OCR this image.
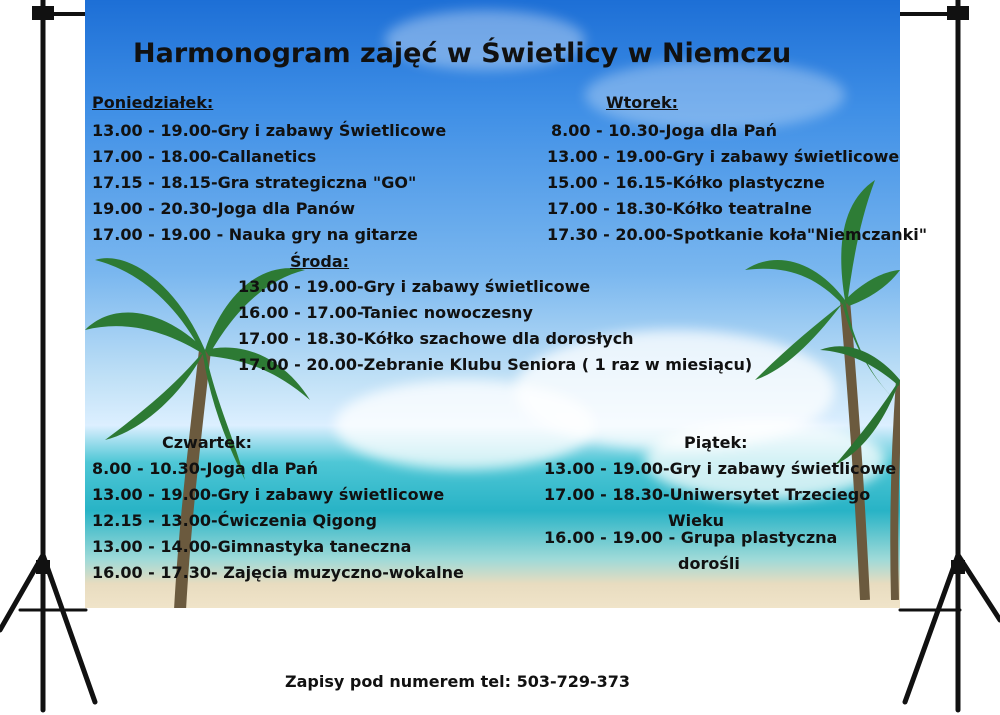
Harmonogram zajęć w Świetlicy w Niemczu
Poniedziałek:
13.00 - 19.00-Gry i zabawy Świetlicowe
17.00 - 18.00-Callanetics
17.15 - 18.15-Gra strategiczna "GO"
19.00 - 20.30-Joga dla Panów
17.00 - 19.00 - Nauka gry na gitarze
Wtorek:
8.00 - 10.30-Joga dla Pań
13.00 - 19.00-Gry i zabawy świetlicowe
15.00 - 16.15-Kółko plastyczne
17.00 - 18.30-Kółko teatralne
17.30 - 20.00-Spotkanie koła"Niemczanki"
Środa:
13.00 - 19.00-Gry i zabawy świetlicowe
16.00 - 17.00-Taniec nowoczesny
17.00 - 18.30-Kółko szachowe dla dorosłych
17.00 - 20.00-Zebranie Klubu Seniora ( 1 raz w miesiącu)
Czwartek:
8.00 - 10.30-Joga dla Pań
13.00 - 19.00-Gry i zabawy świetlicowe
12.15 - 13.00-Ćwiczenia Qigong
13.00 - 14.00-Gimnastyka taneczna
16.00 - 17.30- Zajęcia muzyczno-wokalne
Piątek:
13.00 - 19.00-Gry i zabawy świetlicowe
17.00 - 18.30-Uniwersytet Trzeciego
Wieku
16.00 - 19.00 - Grupa plastyczna
dorośli
Zapisy pod numerem tel: 503-729-373
